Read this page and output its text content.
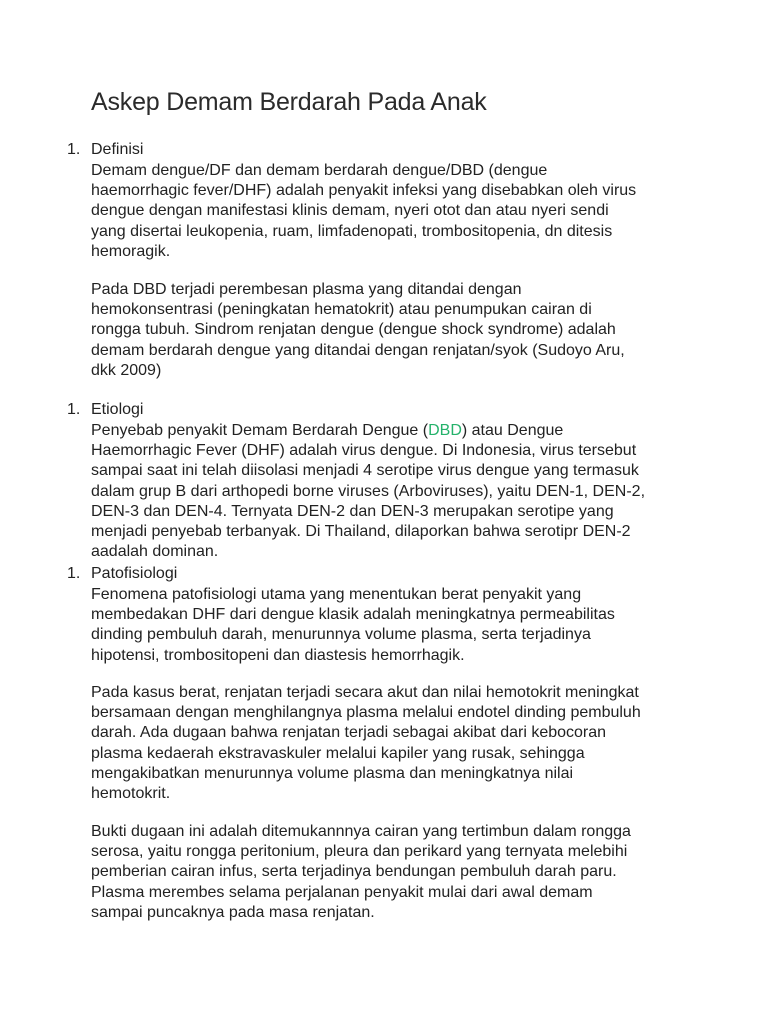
Askep Demam Berdarah Pada Anak
1. Definisi
Demam dengue/DF dan demam berdarah dengue/DBD (dengue
haemorrhagic fever/DHF) adalah penyakit infeksi yang disebabkan oleh virus
dengue dengan manifestasi klinis demam, nyeri otot dan atau nyeri sendi
yang disertai leukopenia, ruam, limfadenopati, trombositopenia, dn ditesis
hemoragik.
Pada DBD terjadi perembesan plasma yang ditandai dengan
hemokonsentrasi (peningkatan hematokrit) atau penumpukan cairan di
rongga tubuh. Sindrom renjatan dengue (dengue shock syndrome) adalah
demam berdarah dengue yang ditandai dengan renjatan/syok (Sudoyo Aru,
dkk 2009)
1. Etiologi
Penyebab penyakit Demam Berdarah Dengue (DBD) atau Dengue
Haemorrhagic Fever (DHF) adalah virus dengue. Di Indonesia, virus tersebut
sampai saat ini telah diisolasi menjadi 4 serotipe virus dengue yang termasuk
dalam grup B dari arthopedi borne viruses (Arboviruses), yaitu DEN-1, DEN-2,
DEN-3 dan DEN-4. Ternyata DEN-2 dan DEN-3 merupakan serotipe yang
menjadi penyebab terbanyak. Di Thailand, dilaporkan bahwa serotipr DEN-2
aadalah dominan.
1. Patofisiologi
Fenomena patofisiologi utama yang menentukan berat penyakit yang
membedakan DHF dari dengue klasik adalah meningkatnya permeabilitas
dinding pembuluh darah, menurunnya volume plasma, serta terjadinya
hipotensi, trombositopeni dan diastesis hemorrhagik.
Pada kasus berat, renjatan terjadi secara akut dan nilai hemotokrit meningkat
bersamaan dengan menghilangnya plasma melalui endotel dinding pembuluh
darah. Ada dugaan bahwa renjatan terjadi sebagai akibat dari kebocoran
plasma kedaerah ekstravaskuler melalui kapiler yang rusak, sehingga
mengakibatkan menurunnya volume plasma dan meningkatnya nilai
hemotokrit.
Bukti dugaan ini adalah ditemukannnya cairan yang tertimbun dalam rongga
serosa, yaitu rongga peritonium, pleura dan perikard yang ternyata melebihi
pemberian cairan infus, serta terjadinya bendungan pembuluh darah paru.
Plasma merembes selama perjalanan penyakit mulai dari awal demam
sampai puncaknya pada masa renjatan.
